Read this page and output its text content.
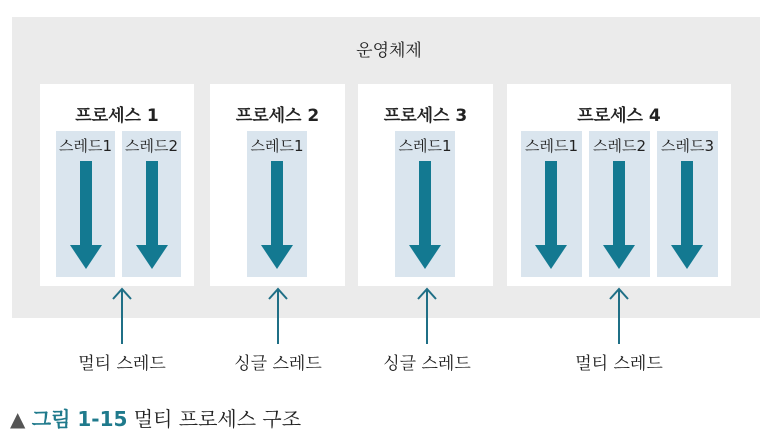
운영체제
프로세스 1
스레드1 스레드2
프로세스 2
스레드1
프로세스 3
스레드1
프로세스 4
스레드1 스레드2 스레드3
멀티 스레드	싱글 스레드	싱글 스레드	멀티 스레드
▲ 그림 1-15 멀티 프로세스 구조
